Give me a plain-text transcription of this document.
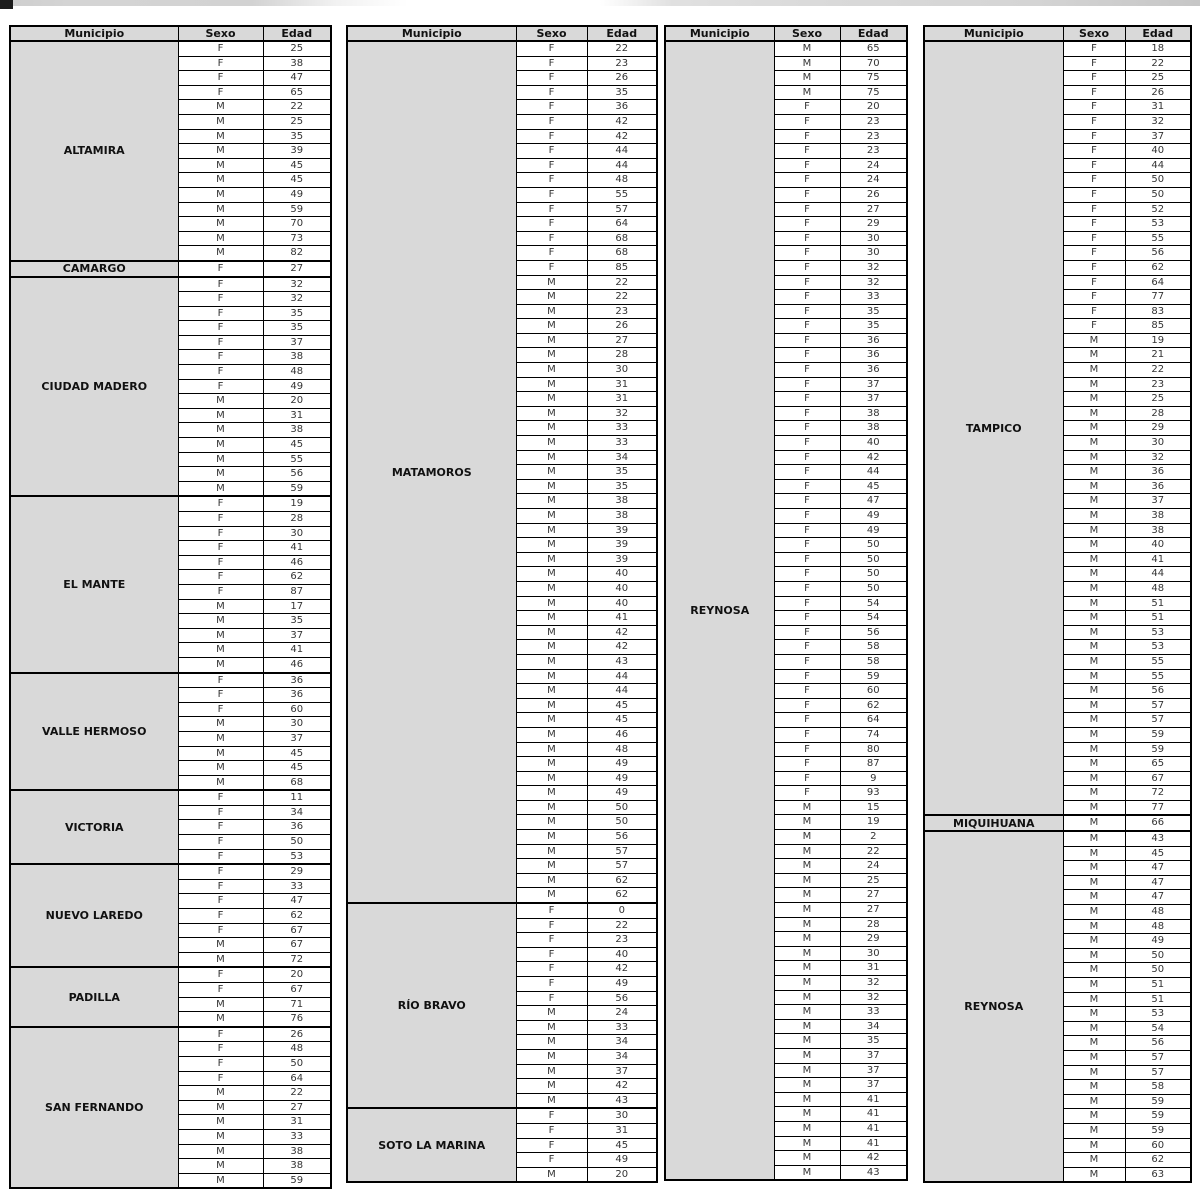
Municipio	Sexo	Edad
ALTAMIRA	F	25
	F	38
	F	47
	F	65
	M	22
	M	25
	M	35
	M	39
	M	45
	M	45
	M	49
	M	59
	M	70
	M	73
	M	82
CAMARGO	F	27
CIUDAD MADERO	F	32
	F	32
	F	35
	F	35
	F	37
	F	38
	F	48
	F	49
	M	20
	M	31
	M	38
	M	45
	M	55
	M	56
	M	59
EL MANTE	F	19
	F	28
	F	30
	F	41
	F	46
	F	62
	F	87
	M	17
	M	35
	M	37
	M	41
	M	46
VALLE HERMOSO	F	36
	F	36
	F	60
	M	30
	M	37
	M	45
	M	45
	M	68
VICTORIA	F	11
	F	34
	F	36
	F	50
	F	53
NUEVO LAREDO	F	29
	F	33
	F	47
	F	62
	F	67
	M	67
	M	72
PADILLA	F	20
	F	67
	M	71
	M	76
SAN FERNANDO	F	26
	F	48
	F	50
	F	64
	M	22
	M	27
	M	31
	M	33
	M	38
	M	38
	M	59
Municipio	Sexo	Edad
MATAMOROS	F	22
	F	23
	F	26
	F	35
	F	36
	F	42
	F	42
	F	44
	F	44
	F	48
	F	55
	F	57
	F	64
	F	68
	F	68
	F	85
	M	22
	M	22
	M	23
	M	26
	M	27
	M	28
	M	30
	M	31
	M	31
	M	32
	M	33
	M	33
	M	34
	M	35
	M	35
	M	38
	M	38
	M	39
	M	39
	M	39
	M	40
	M	40
	M	40
	M	41
	M	42
	M	42
	M	43
	M	44
	M	44
	M	45
	M	45
	M	46
	M	48
	M	49
	M	49
	M	49
	M	50
	M	50
	M	56
	M	57
	M	57
	M	62
	M	62
RÍO BRAVO	F	0
	F	22
	F	23
	F	40
	F	42
	F	49
	F	56
	M	24
	M	33
	M	34
	M	34
	M	37
	M	42
	M	43
SOTO LA MARINA	F	30
	F	31
	F	45
	F	49
	M	20
Municipio	Sexo	Edad
REYNOSA	M	65
	M	70
	M	75
	M	75
	F	20
	F	23
	F	23
	F	23
	F	24
	F	24
	F	26
	F	27
	F	29
	F	30
	F	30
	F	32
	F	32
	F	33
	F	35
	F	35
	F	36
	F	36
	F	36
	F	37
	F	37
	F	38
	F	38
	F	40
	F	42
	F	44
	F	45
	F	47
	F	49
	F	49
	F	50
	F	50
	F	50
	F	50
	F	54
	F	54
	F	56
	F	58
	F	58
	F	59
	F	60
	F	62
	F	64
	F	74
	F	80
	F	87
	F	9
	F	93
	M	15
	M	19
	M	2
	M	22
	M	24
	M	25
	M	27
	M	27
	M	28
	M	29
	M	30
	M	31
	M	32
	M	32
	M	33
	M	34
	M	35
	M	37
	M	37
	M	37
	M	41
	M	41
	M	41
	M	41
	M	42
	M	43
Municipio	Sexo	Edad
TAMPICO	F	18
	F	22
	F	25
	F	26
	F	31
	F	32
	F	37
	F	40
	F	44
	F	50
	F	50
	F	52
	F	53
	F	55
	F	56
	F	62
	F	64
	F	77
	F	83
	F	85
	M	19
	M	21
	M	22
	M	23
	M	25
	M	28
	M	29
	M	30
	M	32
	M	36
	M	36
	M	37
	M	38
	M	38
	M	40
	M	41
	M	44
	M	48
	M	51
	M	51
	M	53
	M	53
	M	55
	M	55
	M	56
	M	57
	M	57
	M	59
	M	59
	M	65
	M	67
	M	72
	M	77
MIQUIHUANA	M	66
REYNOSA	M	43
	M	45
	M	47
	M	47
	M	47
	M	48
	M	48
	M	49
	M	50
	M	50
	M	51
	M	51
	M	53
	M	54
	M	56
	M	57
	M	57
	M	58
	M	59
	M	59
	M	59
	M	60
	M	62
	M	63
